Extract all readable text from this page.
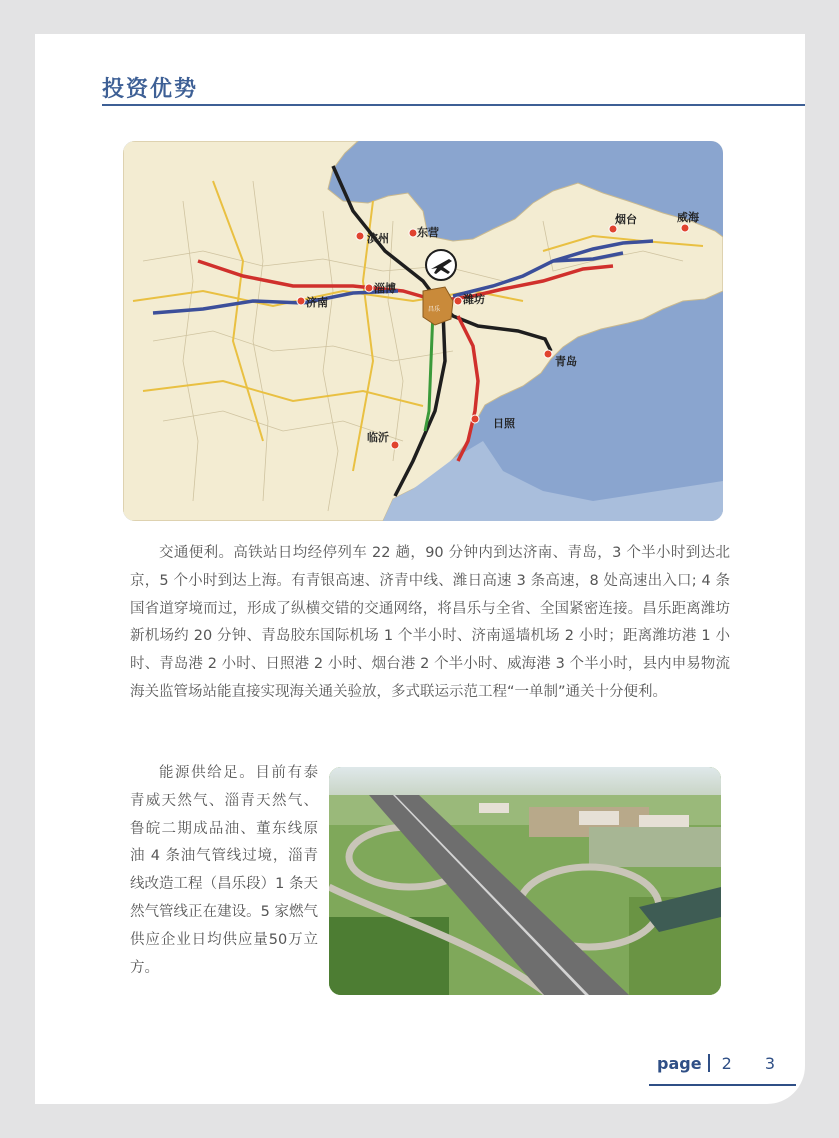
投资优势
滨州	东营
烟台	威海
淄博
济南	潍坊
青岛
日照
临沂
昌乐

交通便利。高铁站日均经停列车 22 趟，90 分钟内到达济南、青岛，3 个半小时到达北京，5 个小时到达上海。有青银高速、济青中线、潍日高速 3 条高速，8 处高速出入口; 4 条国省道穿境而过，形成了纵横交错的交通网络，将昌乐与全省、全国紧密连接。昌乐距离潍坊新机场约 20 分钟、青岛胶东国际机场 1 个半小时、济南遥墙机场 2 小时；距离潍坊港 1 小时、青岛港 2 小时、日照港 2 小时、烟台港 2 个半小时、威海港 3 个半小时，县内申易物流海关监管场站能直接实现海关通关验放，多式联运示范工程“一单制”通关十分便利。

能源供给足。目前有泰青威天然气、淄青天然气、鲁皖二期成品油、董东线原油 4 条油气管线过境，淄青线改造工程（昌乐段）1 条天然气管线正在建设。5 家燃气供应企业日均供应量50万立方。

page 2 3
